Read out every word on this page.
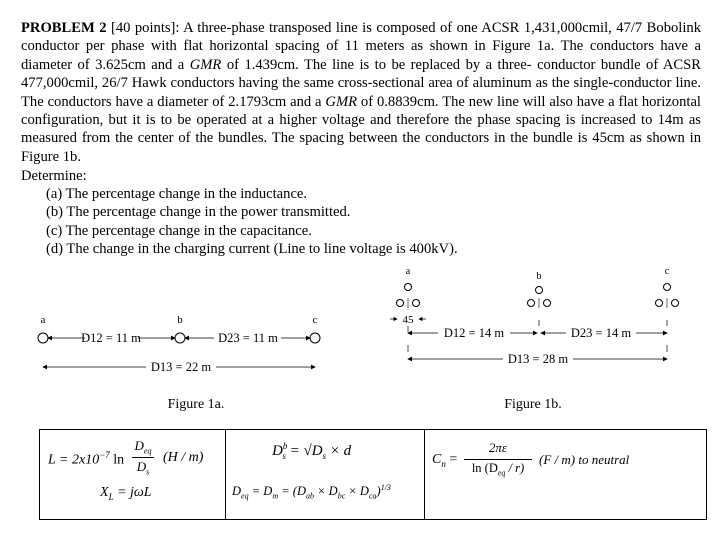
PROBLEM 2 [40 points]: A three-phase transposed line is composed of one ACSR 1,431,000cmil, 47/7 Bobolink conductor per phase with flat horizontal spacing of 11 meters as shown in Figure 1a. The conductors have a diameter of 3.625cm and a GMR of 1.439cm. The line is to be replaced by a three- conductor bundle of ACSR 477,000cmil, 26/7 Hawk conductors having the same cross-sectional area of aluminum as the single-conductor line. The conductors have a diameter of 2.1793cm and a GMR of 0.8839cm. The new line will also have a flat horizontal configuration, but it is to be operated at a higher voltage and therefore the phase spacing is increased to 14m as measured from the center of the bundles. The spacing between the conductors in the bundle is 45cm as shown in Figure 1b.
Determine:
(a) The percentage change in the inductance.
(b) The percentage change in the power transmitted.
(c) The percentage change in the capacitance.
(d) The change in the charging current (Line to line voltage is 400kV).
a	b	c
D12 = 11 m	D23 = 11 m
D13 = 22 m
Figure 1a.
a	b	c
45
D12 = 14 m	D23 = 14 m
D13 = 28 m
Figure 1b.
$L = 2x10^{-7}$ ln
$D_{eq}$
$D_s$
(H / m)
$X_L = j\omega L$
$D^b_s = √D_s \times d$
$D_{eq} = D_m = (D_{ab} \times D_{bc} \times D_{ca})^{1/3}$
$C_n$ =
2πε
$\ln (D_{eq} / r)$
(F / m) to neutral
